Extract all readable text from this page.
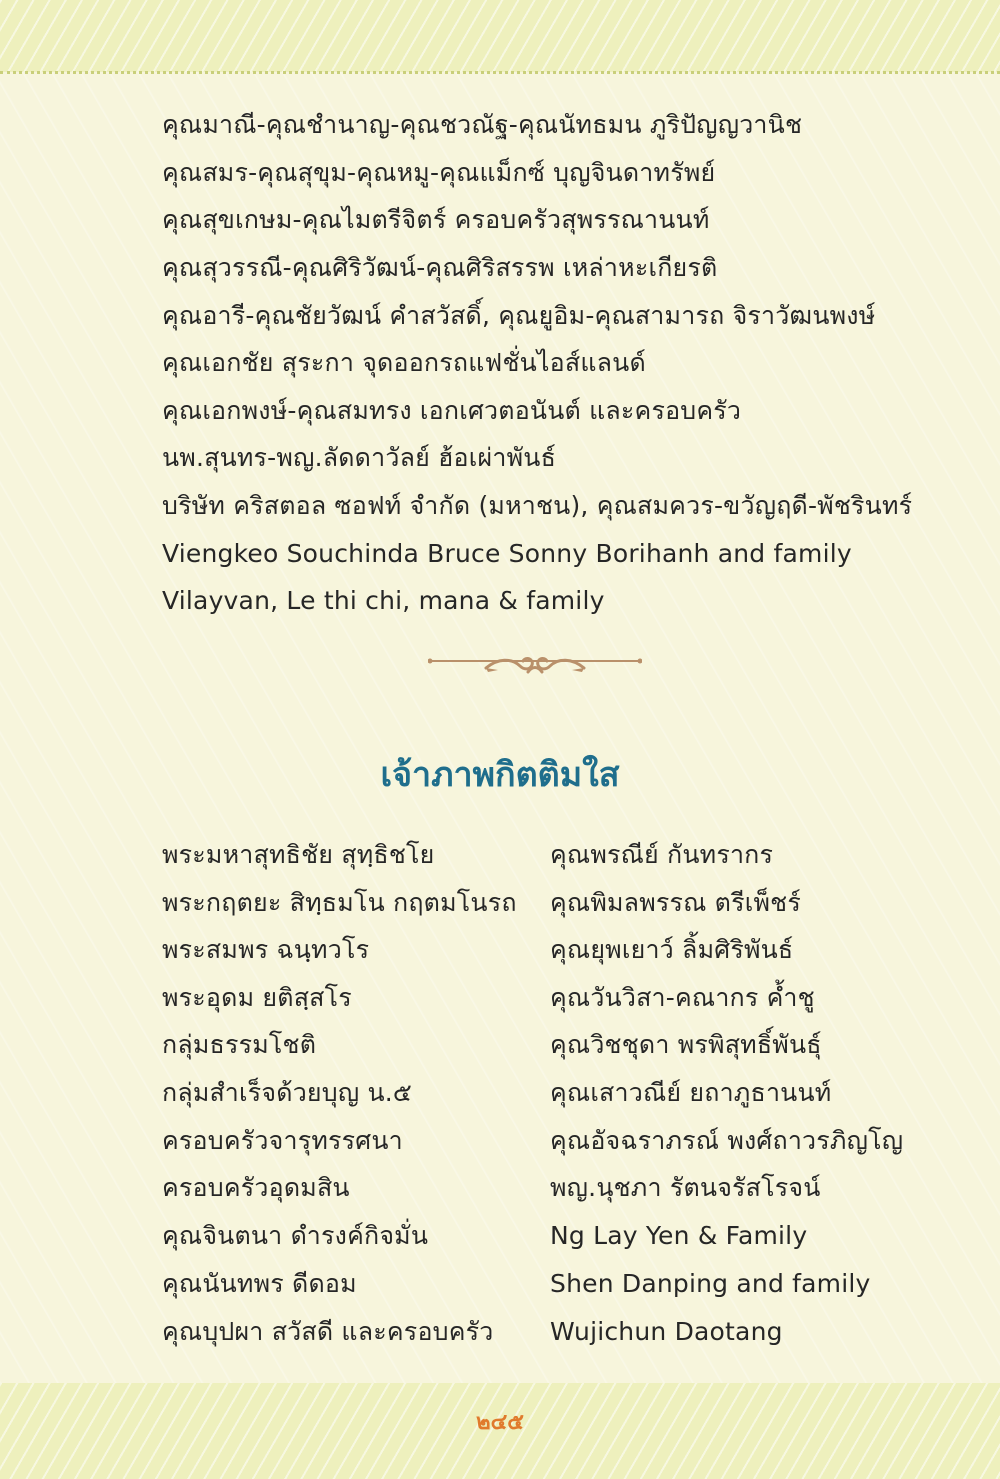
คุณมาณี-คุณชำนาญ-คุณชวณัฐ-คุณนัทธมน ภูริปัญญวานิช
คุณสมร-คุณสุขุม-คุณหมู-คุณแม็กซ์ บุญจินดาทรัพย์
คุณสุขเกษม-คุณไมตรีจิตร์ ครอบครัวสุพรรณานนท์
คุณสุวรรณี-คุณศิริวัฒน์-คุณศิริสรรพ เหล่าหะเกียรติ
คุณอารี-คุณชัยวัฒน์ คำสวัสดิ์, คุณยูอิม-คุณสามารถ จิราวัฒนพงษ์
คุณเอกชัย สุระกา จุดออกรถแฟชั่นไอส์แลนด์
คุณเอกพงษ์-คุณสมทรง เอกเศวตอนันต์ และครอบครัว
นพ.สุนทร-พญ.ลัดดาวัลย์ ฮ้อเผ่าพันธ์
บริษัท คริสตอล ซอฟท์ จำกัด (มหาชน), คุณสมควร-ขวัญฤดี-พัชรินทร์
Viengkeo Souchinda Bruce Sonny Borihanh and family
Vilayvan, Le thi chi, mana & family
เจ้าภาพกิตติมใส
พระมหาสุทธิชัย สุทฺธิชโย
พระกฤตยะ สิทฺธมโน กฤตมโนรถ
พระสมพร ฉนฺทวโร
พระอุดม ยติสฺสโร
กลุ่มธรรมโชติ
กลุ่มสำเร็จด้วยบุญ น.๕
ครอบครัวจารุทรรศนา
ครอบครัวอุดมสิน
คุณจินตนา ดำรงค์กิจมั่น
คุณนันทพร ดีดอม
คุณบุปผา สวัสดี และครอบครัว
คุณพรณีย์ กันทรากร
คุณพิมลพรรณ ตรีเพ็ชร์
คุณยุพเยาว์ ลิ้มศิริพันธ์
คุณวันวิสา-คณากร ค้ำชู
คุณวิชชุดา พรพิสุทธิ์พันธุ์
คุณเสาวณีย์ ยถาภูธานนท์
คุณอัจฉราภรณ์ พงศ์ถาวรภิญโญ
พญ.นุชภา รัตนจรัสโรจน์
Ng Lay Yen & Family
Shen Danping and family
Wujichun Daotang
๒๔๕
